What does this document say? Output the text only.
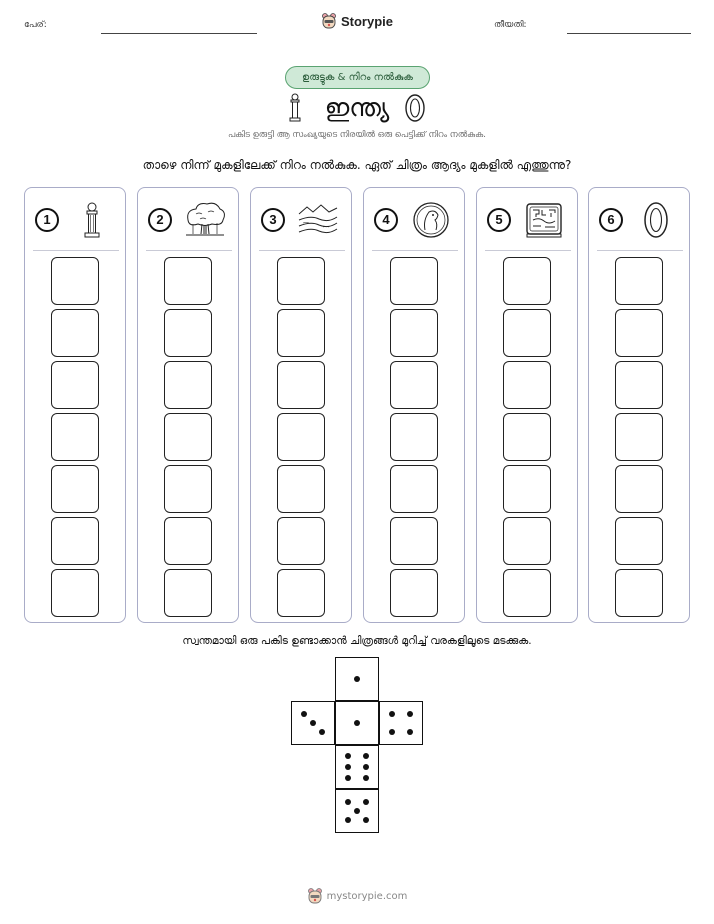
പേര്:	Storypie	തീയതി:
ഉരുട്ടുക & നിറം നൽകുക
ഇന്ത്യ
പകിട ഉരുട്ടി ആ സംഖ്യയുടെ നിരയിൽ ഒരു പെട്ടിക്ക് നിറം നൽകുക.
താഴെ നിന്ന് മുകളിലേക്ക് നിറം നൽകുക. ഏത് ചിത്രം ആദ്യം മുകളിൽ എത്തുന്നു?
1	2	3	4	5	6
സ്വന്തമായി ഒരു പകിട ഉണ്ടാക്കാൻ ചിത്രങ്ങൾ മുറിച്ച് വരകളിലൂടെ മടക്കുക.
mystorypie.com
